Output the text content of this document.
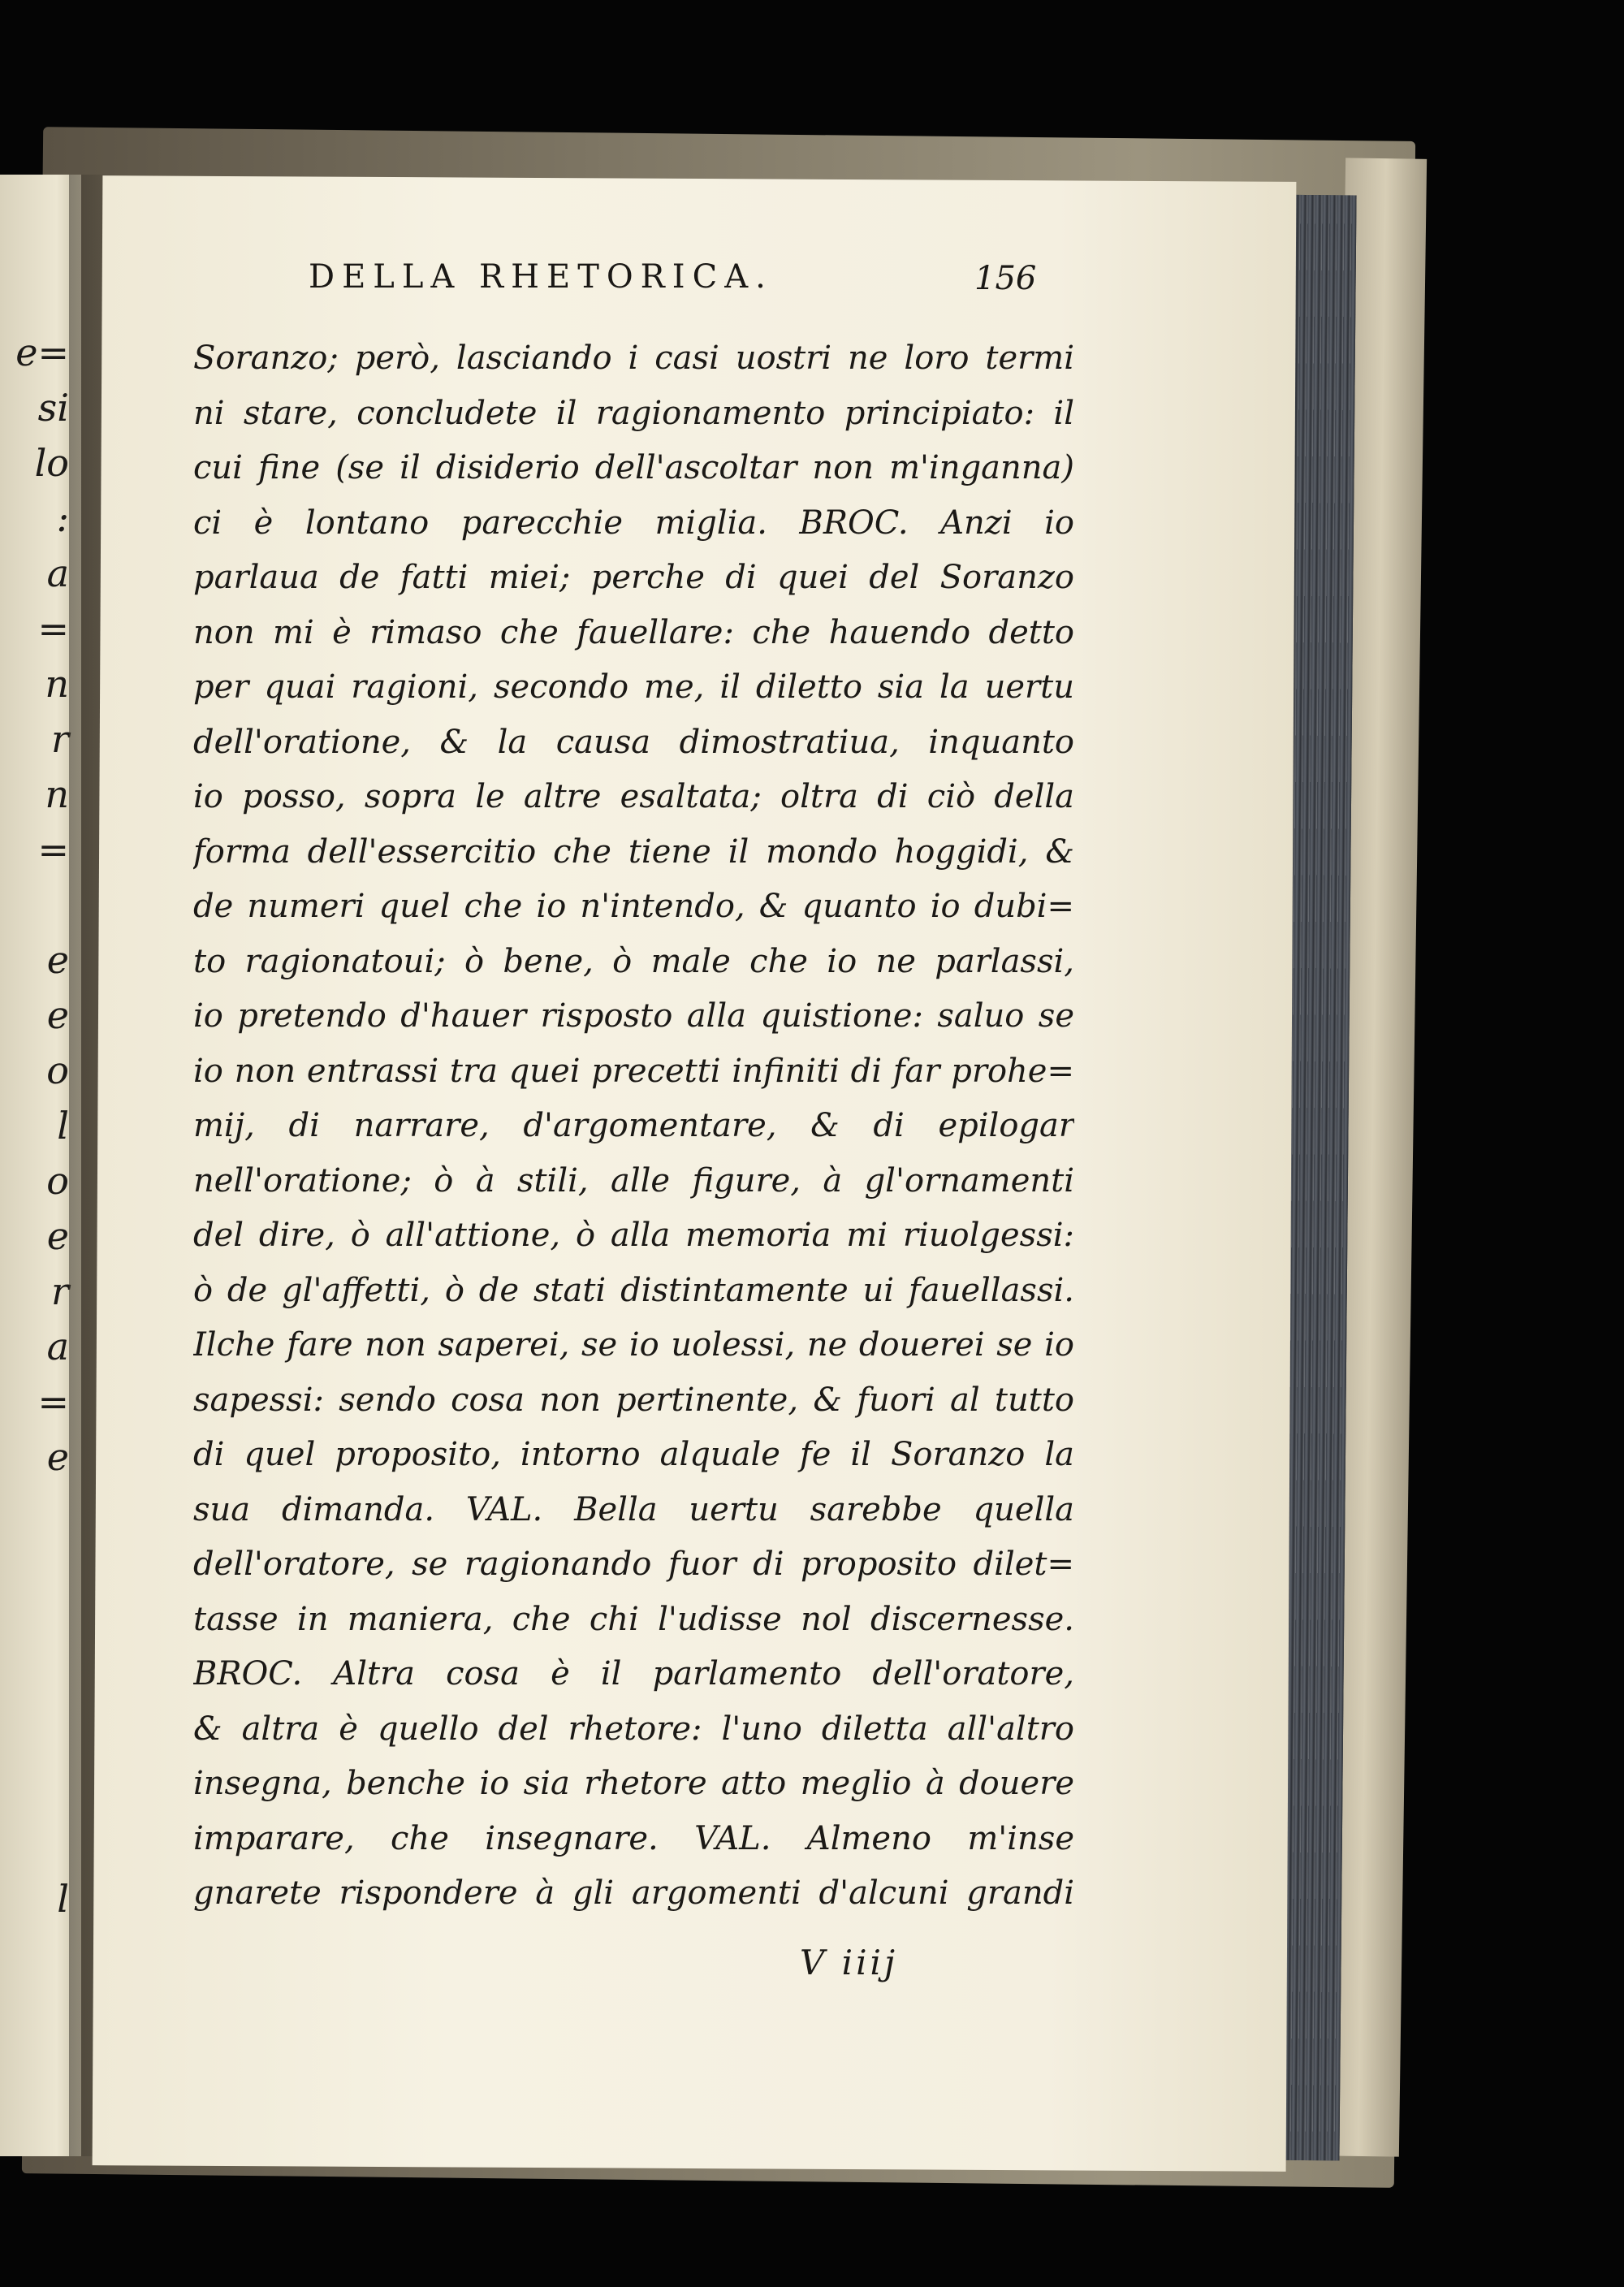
e=
si
lo
:
a
=
n
r
n
=
e
e
o
l
o
e
r
a
=
e
l
DELLA RHETORICA.	156
Soranzo; però, lasciando i casi uostri ne loro termi
ni stare, concludete il ragionamento principiato: il
cui fine (se il disiderio dell'ascoltar non m'inganna)
ci è lontano parecchie miglia. BROC. Anzi io
parlaua de fatti miei; perche di quei del Soranzo
non mi è rimaso che fauellare: che hauendo detto
per quai ragioni, secondo me, il diletto sia la uertu
dell'oratione, & la causa dimostratiua, inquanto
io posso, sopra le altre esaltata; oltra di ciò della
forma dell'essercitio che tiene il mondo hoggidi, &
de numeri quel che io n'intendo, & quanto io dubi=
to ragionatoui; ò bene, ò male che io ne parlassi,
io pretendo d'hauer risposto alla quistione: saluo se
io non entrassi tra quei precetti infiniti di far prohe=
mij, di narrare, d'argomentare, & di epilogar
nell'oratione; ò à stili, alle figure, à gl'ornamenti
del dire, ò all'attione, ò alla memoria mi riuolgessi:
ò de gl'affetti, ò de stati distintamente ui fauellassi.
Ilche fare non saperei, se io uolessi, ne douerei se io
sapessi: sendo cosa non pertinente, & fuori al tutto
di quel proposito, intorno alquale fe il Soranzo la
sua dimanda. VAL. Bella uertu sarebbe quella
dell'oratore, se ragionando fuor di proposito dilet=
tasse in maniera, che chi l'udisse nol discernesse.
BROC. Altra cosa è il parlamento dell'oratore,
& altra è quello del rhetore: l'uno diletta all'altro
insegna, benche io sia rhetore atto meglio à douere
imparare, che insegnare. VAL. Almeno m'inse
gnarete rispondere à gli argomenti d'alcuni grandi
V iiij
